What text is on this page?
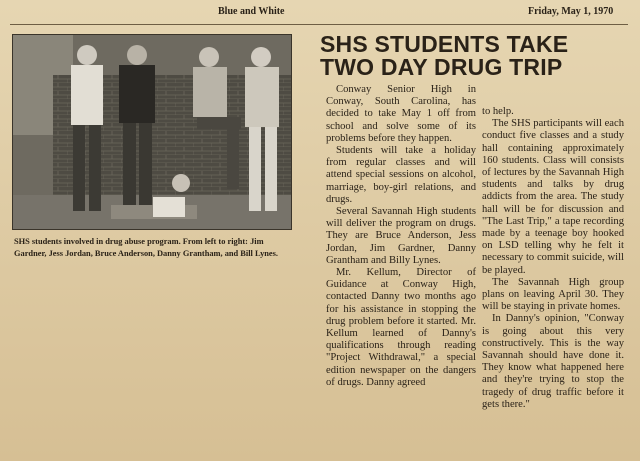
Blue and White	Friday, May 1, 1970
SHS students involved in drug abuse program. From left to right: Jim Gardner, Jess Jordan, Bruce Anderson, Danny Grantham, and Bill Lynes.
SHS STUDENTS TAKE
TWO DAY DRUG TRIP

Conway Senior High in Conway, South Carolina, has decided to take May 1 off from school and solve some of its problems before they happen.

Students will take a holiday from regular classes and will attend special sessions on alcohol, marriage, boy-girl relations, and drugs.

Several Savannah High students will deliver the program on drugs. They are Bruce Anderson, Jess Jordan, Jim Gardner, Danny Grantham and Billy Lynes.

Mr. Kellum, Director of Guidance at Conway High, contacted Danny two months ago for his assistance in stopping the drug problem before it started. Mr. Kellum learned of Danny's qualifications through reading "Project Withdrawal," a special edition newspaper on the dangers of drugs. Danny agreed

to help.

The SHS participants will each conduct five classes and a study hall containing approximately 160 students. Class will consists of lectures by the Savannah High students and talks by drug addicts from the area. The study hall will be for discussion and "The Last Trip," a tape recording made by a teenage boy hooked on LSD telling why he felt it necessary to commit suicide, will be played.

The Savannah High group plans on leaving April 30. They will be staying in private homes.

In Danny's opinion, "Conway is going about this very constructively. This is the way Savannah should have done it. They know what happened here and they're trying to stop the tragedy of drug traffic before it gets there."
